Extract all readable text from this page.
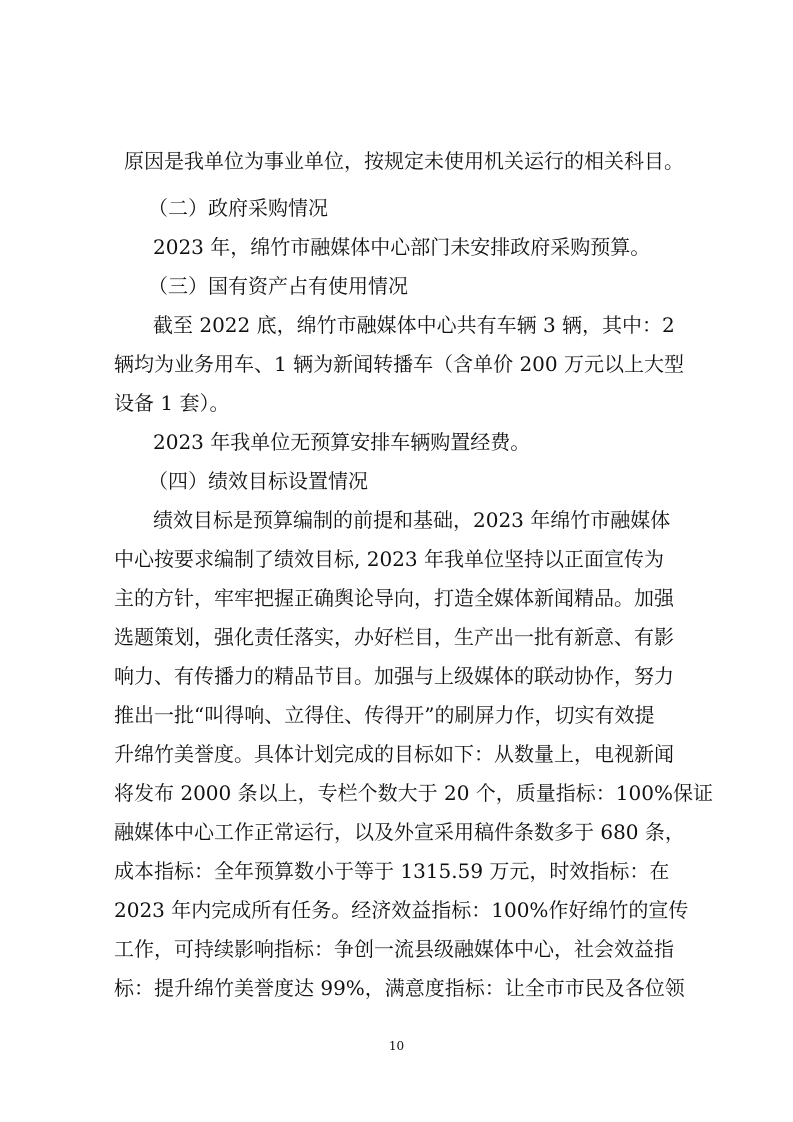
原因是我单位为事业单位，按规定未使用机关运行的相关科目。
（二）政府采购情况
2023 年，绵竹市融媒体中心部门未安排政府采购预算。
（三）国有资产占有使用情况
截至 2022 底，绵竹市融媒体中心共有车辆 3 辆，其中：2
辆均为业务用车、1 辆为新闻转播车（含单价 200 万元以上大型
设备 1 套）。
2023 年我单位无预算安排车辆购置经费。
（四）绩效目标设置情况
绩效目标是预算编制的前提和基础，2023 年绵竹市融媒体
中心按要求编制了绩效目标, 2023 年我单位坚持以正面宣传为
主的方针，牢牢把握正确舆论导向，打造全媒体新闻精品。加强
选题策划，强化责任落实，办好栏目，生产出一批有新意、有影
响力、有传播力的精品节目。加强与上级媒体的联动协作，努力
推出一批“叫得响、立得住、传得开”的刷屏力作，切实有效提
升绵竹美誉度。具体计划完成的目标如下：从数量上，电视新闻
将发布 2000 条以上，专栏个数大于 20 个，质量指标：100%保证
融媒体中心工作正常运行，以及外宣采用稿件条数多于 680 条，
成本指标：全年预算数小于等于 1315.59 万元，时效指标：在
2023 年内完成所有任务。经济效益指标：100%作好绵竹的宣传
工作，可持续影响指标：争创一流县级融媒体中心，社会效益指
标：提升绵竹美誉度达 99%，满意度指标：让全市市民及各位领
10
